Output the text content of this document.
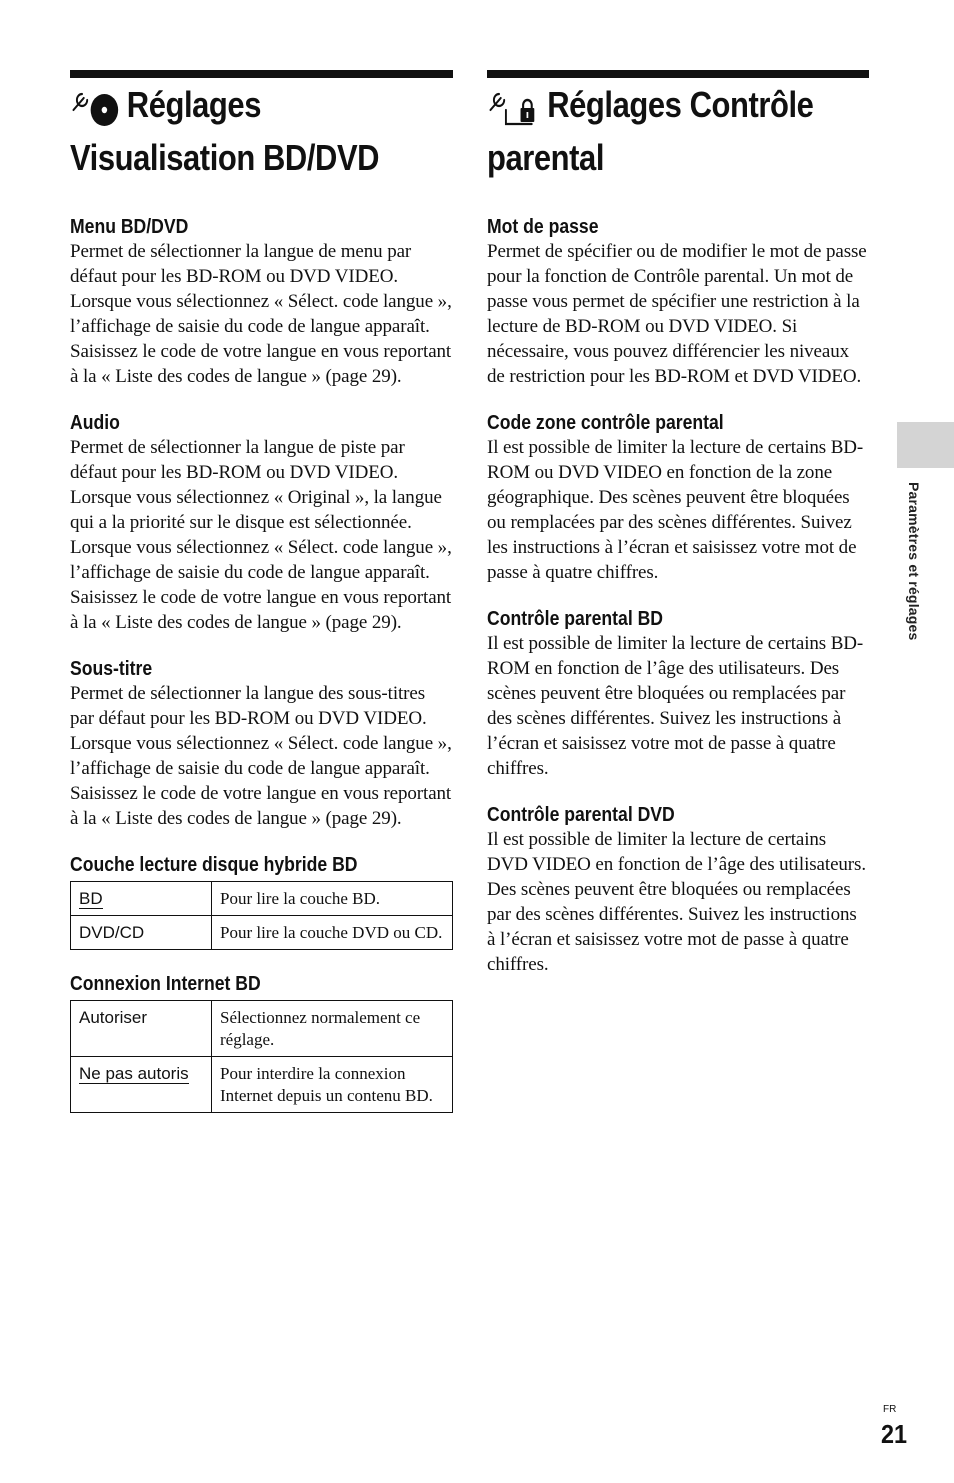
Réglages
Visualisation BD/DVD
Menu BD/DVD

Permet de sélectionner la langue de menu par défaut pour les BD-ROM ou DVD VIDEO. Lorsque vous sélectionnez « Sélect. code langue », l’affichage de saisie du code de langue apparaît. Saisissez le code de votre langue en vous reportant à la « Liste des codes de langue » (page 29).

Audio

Permet de sélectionner la langue de piste par défaut pour les BD-ROM ou DVD VIDEO. Lorsque vous sélectionnez « Original », la langue qui a la priorité sur le disque est sélectionnée.

Lorsque vous sélectionnez « Sélect. code langue », l’affichage de saisie du code de langue apparaît. Saisissez le code de votre langue en vous reportant à la « Liste des codes de langue » (page 29).

Sous-titre

Permet de sélectionner la langue des sous-titres par défaut pour les BD-ROM ou DVD VIDEO.

Lorsque vous sélectionnez « Sélect. code langue », l’affichage de saisie du code de langue apparaît. Saisissez le code de votre langue en vous reportant à la « Liste des codes de langue » (page 29).

Couche lecture disque hybride BD
BD	Pour lire la couche BD.
DVD/CD	Pour lire la couche DVD ou CD.
Connexion Internet BD
Autoriser	Sélectionnez normalement ce réglage.
Ne pas autoris	Pour interdire la connexion Internet depuis un contenu BD.
Réglages Contrôle
parental
Mot de passe

Permet de spécifier ou de modifier le mot de passe pour la fonction de Contrôle parental. Un mot de passe vous permet de spécifier une restriction à la lecture de BD-ROM ou DVD VIDEO. Si nécessaire, vous pouvez différencier les niveaux de restriction pour les BD-ROM et DVD VIDEO.

Code zone contrôle parental

Il est possible de limiter la lecture de certains BD-ROM ou DVD VIDEO en fonction de la zone géographique. Des scènes peuvent être bloquées ou remplacées par des scènes différentes. Suivez les instructions à l’écran et saisissez votre mot de passe à quatre chiffres.

Contrôle parental BD

Il est possible de limiter la lecture de certains BD-ROM en fonction de l’âge des utilisateurs. Des scènes peuvent être bloquées ou remplacées par des scènes différentes. Suivez les instructions à l’écran et saisissez votre mot de passe à quatre chiffres.

Contrôle parental DVD

Il est possible de limiter la lecture de certains DVD VIDEO en fonction de l’âge des utilisateurs. Des scènes peuvent être bloquées ou remplacées par des scènes différentes. Suivez les instructions à l’écran et saisissez votre mot de passe à quatre chiffres.

Paramètres et réglages
FR
21
